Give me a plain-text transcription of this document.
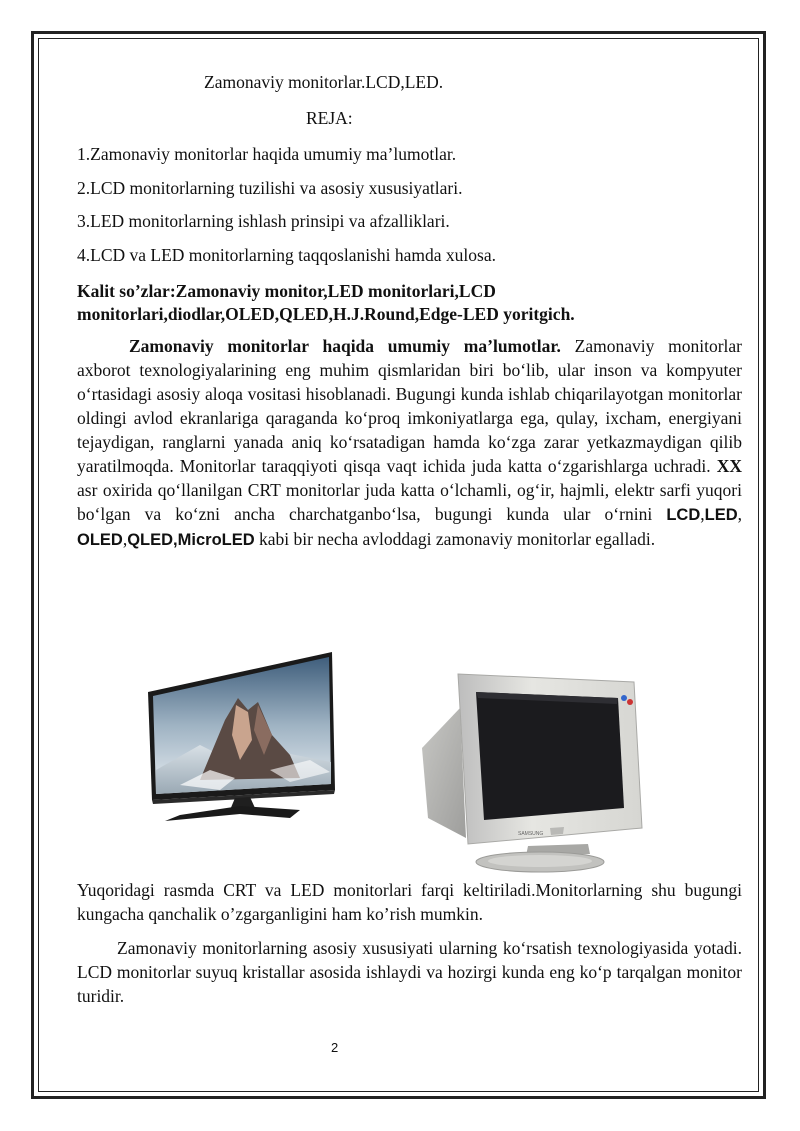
Zamonaviy monitorlar.LCD,LED.
REJA:
1.Zamonaviy monitorlar haqida umumiy ma’lumotlar.
2.LCD monitorlarning tuzilishi va asosiy xususiyatlari.
3.LED monitorlarning ishlash prinsipi va afzalliklari.
4.LCD va LED monitorlarning taqqoslanishi hamda xulosa.
Kalit so’zlar:Zamonaviy monitor,LED monitorlari,LCD
monitorlari,diodlar,OLED,QLED,H.J.Round,Edge-LED yoritgich.
Zamonaviy monitorlar haqida umumiy ma’lumotlar. Zamonaviy monitorlar axborot texnologiyalarining eng muhim qismlaridan biri bo‘lib, ular inson va kompyuter o‘rtasidagi asosiy aloqa vositasi hisoblanadi. Bugungi kunda ishlab chiqarilayotgan monitorlar oldingi avlod ekranlariga qaraganda ko‘proq imkoniyatlarga ega, qulay, ixcham, energiyani tejaydigan, ranglarni yanada aniq ko‘rsatadigan hamda ko‘zga zarar yetkazmaydigan qilib yaratilmoqda. Monitorlar taraqqiyoti qisqa vaqt ichida juda katta o‘zgarishlarga uchradi. XX asr oxirida qo‘llanilgan CRT monitorlar juda katta o‘lchamli, og‘ir, hajmli, elektr sarfi yuqori bo‘lgan va ko‘zni ancha charchatganbo‘lsa, bugungi kunda ular o‘rnini LCD,LED, OLED,QLED,MicroLED kabi bir necha avloddagi zamonaviy monitorlar egalladi.
SAMSUNG
Yuqoridagi rasmda CRT va LED monitorlari farqi keltiriladi.Monitorlarning shu bugungi kungacha qanchalik o’zgarganligini ham ko’rish mumkin.
Zamonaviy monitorlarning asosiy xususiyati ularning ko‘rsatish texnologiyasida yotadi. LCD monitorlar suyuq kristallar asosida ishlaydi va hozirgi kunda eng ko‘p tarqalgan monitor turidir.
2
